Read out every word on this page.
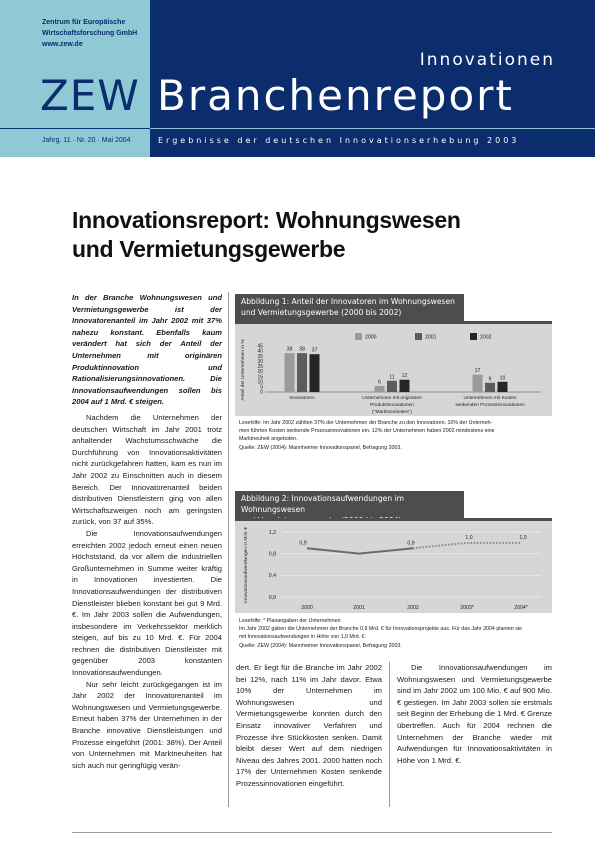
Zentrum für Europäische
Wirtschaftsforschung GmbH
www.zew.de
Innovationen
ZEW Branchenreport
Jahrg. 11 · Nr. 20 · Mai 2004	Ergebnisse der deutschen Innovationserhebung 2003
Innovationsreport: Wohnungswesen
und Vermietungsgewerbe
In der Branche Wohnungswesen und Vermietungsgewerbe ist der Innovatorenanteil im Jahr 2002 mit 37% nahezu konstant. Ebenfalls kaum verändert hat sich der Anteil der Unternehmen mit originären Produktinnovation und Rationalisierungsinnovationen. Die Innovationsaufwendungen sollen bis 2004 auf 1 Mrd. € steigen.

Nachdem die Unternehmen der deutschen Wirtschaft im Jahr 2001 trotz anhaltender Wachstumsschwäche die Durchführung von Innovationsaktivitäten nicht zurückgefahren hatten, kam es nun im Jahr 2002 zu Einschnitten auch in diesem Bereich. Der Innovatorenanteil beiden distributiven Dienstleistern ging von allen Wirtschaftszweigen noch am geringsten zurück, von 37 auf 35%.

Die Innovationsaufwendungen erreichten 2002 jedoch erneut einen neuen Höchststand, da vor allem die industriellen Großunternehmen in Summe weiter kräftig in Innovationen investierten. Die Innovationsaufwendungen der distributiven Dienstleister blieben konstant bei gut 9 Mrd. €. Im Jahr 2003 sollen die Aufwendungen, insbesondere im Verkehrssektor merklich steigen, auf bis zu 10 Mrd. €. Für 2004 rechnen die distributiven Dienstleister mit gegenüber 2003 konstanten Innovationsaufwendungen.

Nur sehr leicht zurückgegangen ist im Jahr 2002 der Innovatorenanteil im Wohnungswesen und Vermietungsgewerbe. Erneut haben 37% der Unternehmen in der Branche innovative Dienstleistungen und Prozesse eingeführt (2001: 38%). Der Anteil von Unternehmen mit Marktneuheiten hat sich auch nur geringfügig verän-

Abbildung 1: Anteil der Innovatoren im Wohnungswesen
und Vermietungsgewerbe (2000 bis 2002)
Anteil der Unternehmen in %	0
5
10
15
20
25
30
35
40
45
2000	2001	2002
38 38 37
Innovatoren
6
11 12
Unternehmen mit originären
Produktinnovationen
("Marktneuheiten")
17
9 10
Unternehmen mit Kosten
senkenden Prozessinnovationen
Lesehilfe: Im Jahr 2002 zählten 37% der Unternehmen der Branche zu den Innovatoren. 10% der Unterneh-
men führten Kosten senkende Prozessinnovationen ein. 12% der Unternehmen haben 2002 mindestens eine
Marktneuheit angeboten.
Quelle: ZEW (2004): Mannheimer Innovationspanel, Befragung 2003.
Abbildung 2: Innovationsaufwendungen im Wohnungswesen
Innovationsaufwendungen in Mrd. €	0,0
0,4
0,8
1,2
2000	2001	2002	2003*	2004*
0,9	0,9
1,0	1,0
Lesehilfe: * Planangaben der Unternehmen
Im Jahr 2002 gaben die Unternehmen der Branche 0,9 Mrd. € für Innovationsprojekte aus. Für das Jahr 2004 planten sie
mit Innovationsaufwendungen in Höhe von 1,0 Mrd. €.
Quelle: ZEW (2004): Mannheimer Innovationspanel, Befragung 2003.

dert. Er liegt für die Branche im Jahr 2002 bei 12%, nach 11% im Jahr davor. Etwa 10% der Unternehmen im Wohnungswesen und Vermietungsgewerbe konnten durch den Einsatz innovativer Verfahren und Prozesse ihre Stückkosten senken. Damit bleibt dieser Wert auf dem niedrigen Niveau des Jahres 2001. 2000 hatten noch 17% der Unternehmen Kosten senkende Prozessinnovationen eingeführt.

Die Innovationsaufwendungen im Wohnungswesen und Vermietungsgewerbe sind im Jahr 2002 um 100 Mio. € auf 900 Mio. € gestiegen. Im Jahr 2003 sollen sie erstmals seit Beginn der Erhebung die 1 Mrd. € Grenze übertreffen. Auch für 2004 rechnen die Unternehmen der Branche wieder mit Aufwendungen für Innovationsaktivitäten in Höhe von 1 Mrd. €.
